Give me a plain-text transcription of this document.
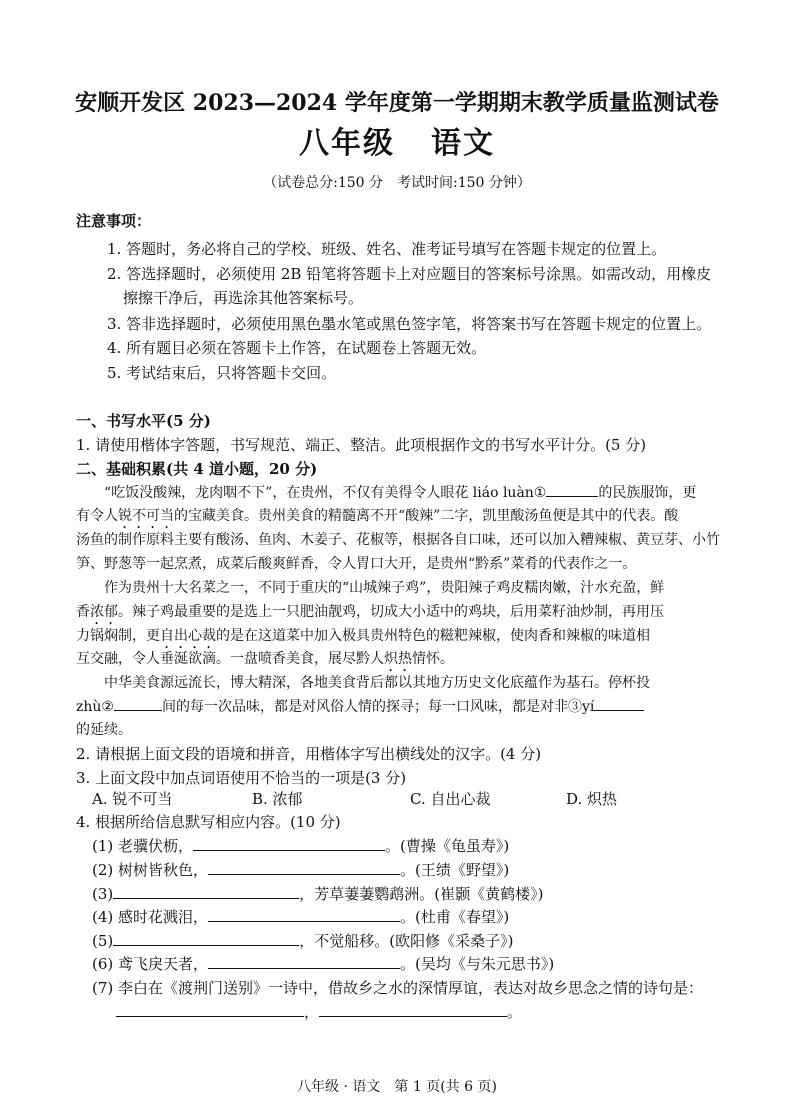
安顺开发区 2023—2024 学年度第一学期期末教学质量监测试卷
八年级 语文
（试卷总分:150 分　考试时间:150 分钟）
注意事项：
1. 答题时，务必将自己的学校、班级、姓名、准考证号填写在答题卡规定的位置上。
2. 答选择题时，必须使用 2B 铅笔将答题卡上对应题目的答案标号涂黑。如需改动，用橡皮
擦擦干净后，再选涂其他答案标号。
3. 答非选择题时，必须使用黑色墨水笔或黑色签字笔，将答案书写在答题卡规定的位置上。
4. 所有题目必须在答题卡上作答，在试题卷上答题无效。
5. 考试结束后，只将答题卡交回。
一、书写水平(5 分)
1. 请使用楷体字答题，书写规范、端正、整洁。此项根据作文的书写水平计分。(5 分)
二、基础积累(共 4 道小题，20 分)
“吃饭没酸辣，龙肉咽不下”，在贵州，不仅有美得令人眼花 liáo luàn①	的民族服饰，更
有令人锐不可当的宝藏美食。贵州美食的精髓离不开“酸辣”二字，凯里酸汤鱼便是其中的代表。酸
汤鱼的制作原料主要有酸汤、鱼肉、木姜子、花椒等，根据各自口味，还可以加入糟辣椒、黄豆芽、小竹
笋、野葱等一起烹煮，成菜后酸爽鲜香，令人胃口大开，是贵州“黔系”菜肴的代表作之一。
作为贵州十大名菜之一，不同于重庆的“山城辣子鸡”，贵阳辣子鸡皮糯肉嫩，汁水充盈，鲜
香浓郁。辣子鸡最重要的是选上一只肥油靓鸡，切成大小适中的鸡块，后用菜籽油炒制，再用压
力锅焖制，更自出心裁的是在这道菜中加入极具贵州特色的糍粑辣椒，使肉香和辣椒的味道相
互交融，令人垂涎欲滴。一盘喷香美食，展尽黔人炽热情怀。
中华美食源远流长，博大精深，各地美食背后都以其地方历史文化底蕴作为基石。停杯投
zhù②	间的每一次品味，都是对风俗人情的探寻；每一口风味，都是对非③yí
的延续。
2. 请根据上面文段的语境和拼音，用楷体字写出横线处的汉字。(4 分)
3. 上面文段中加点词语使用不恰当的一项是(3 分)
A. 锐不可当	B. 浓郁	C. 自出心裁	D. 炽热
4. 根据所给信息默写相应内容。(10 分)
(1) 老骥伏枥，	。(曹操《龟虽寿》)
(2) 树树皆秋色，	。(王绩《野望》)
(3)	，芳草萋萋鹦鹉洲。(崔颢《黄鹤楼》)
(4) 感时花溅泪，	。(杜甫《春望》)
(5)	，不觉船移。(欧阳修《采桑子》)
(6) 鸢飞戾天者，	。(吴均《与朱元思书》)
(7) 李白在《渡荆门送别》一诗中，借故乡之水的深情厚谊，表达对故乡思念之情的诗句是：
，	。
八年级 · 语文　第 1 页(共 6 页)
